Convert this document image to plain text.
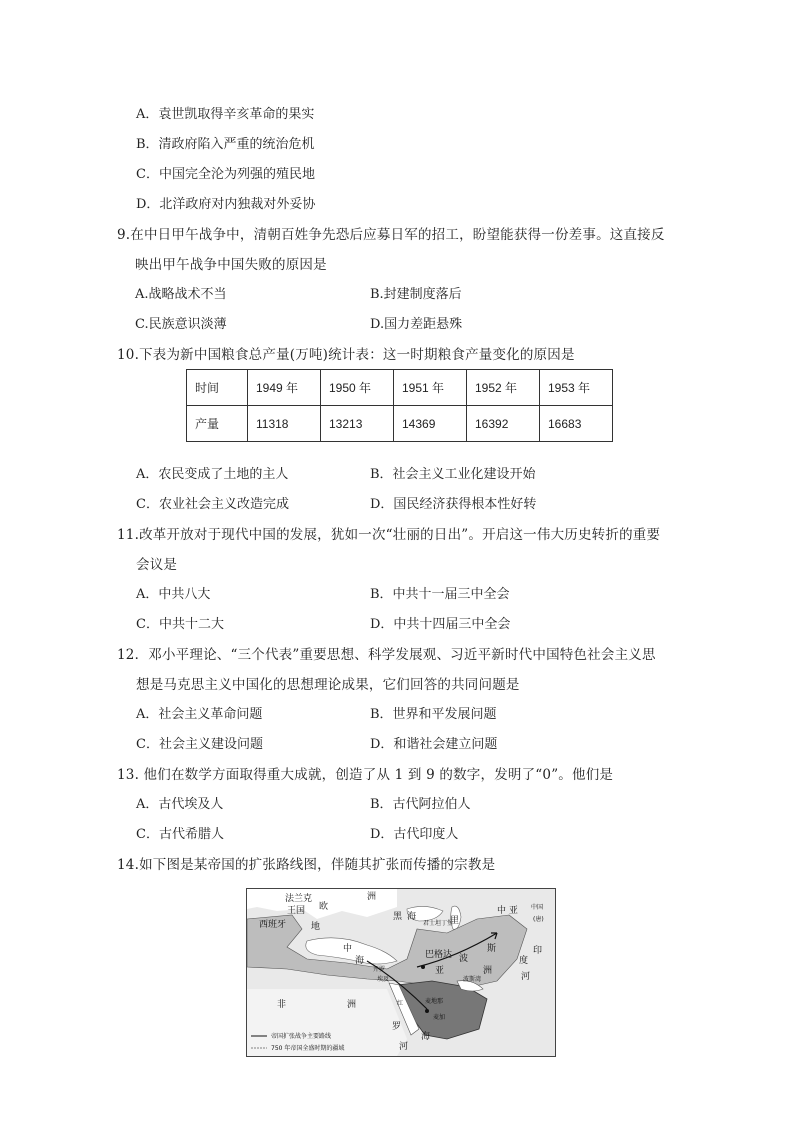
A．袁世凯取得辛亥革命的果实
B．清政府陷入严重的统治危机
C．中国完全沦为列强的殖民地
D．北洋政府对内独裁对外妥协
9.在中日甲午战争中，清朝百姓争先恐后应募日军的招工，盼望能获得一份差事。这直接反
映出甲午战争中国失败的原因是
A.战略战术不当	B.封建制度落后
C.民族意识淡薄	D.国力差距悬殊
10.下表为新中国粮食总产量(万吨)统计表：这一时期粮食产量变化的原因是
时间	1949 年	1950 年	1951 年	1952 年	1953 年
产量	11318	13213	14369	16392	16683
A．农民变成了土地的主人	B．社会主义工业化建设开始
C．农业社会主义改造完成	D．国民经济获得根本性好转
11.改革开放对于现代中国的发展，犹如一次“壮丽的日出”。开启这一伟大历史转折的重要
会议是
A．中共八大	B．中共十一届三中全会
C．中共十二大	D．中共十四届三中全会
12．邓小平理论、“三个代表”重要思想、科学发展观、习近平新时代中国特色社会主义思
想是马克思主义中国化的思想理论成果，它们回答的共同问题是
A．社会主义革命问题	B．世界和平发展问题
C．社会主义建设问题	D．和谐社会建立问题
13. 他们在数学方面取得重大成就，创造了从 1 到 9 的数字，发明了“0”。他们是
A．古代埃及人	B．古代阿拉伯人
C．古代希腊人	D．古代印度人
14.如下图是某帝国的扩张路线图，伴随其扩张而传播的宗教是
法兰克
王国 欧
洲
西班牙	地
黑 海
君士坦丁堡
里
中
海
开罗
巴格达
亚
波
斯
洲
中 亚 中国
(唐)
印
度
河
埃及
非	洲	红	麦地那
麦加
罗
海
河
波斯湾
帝国扩张战争主要路线
750 年帝国全盛时期的疆域
